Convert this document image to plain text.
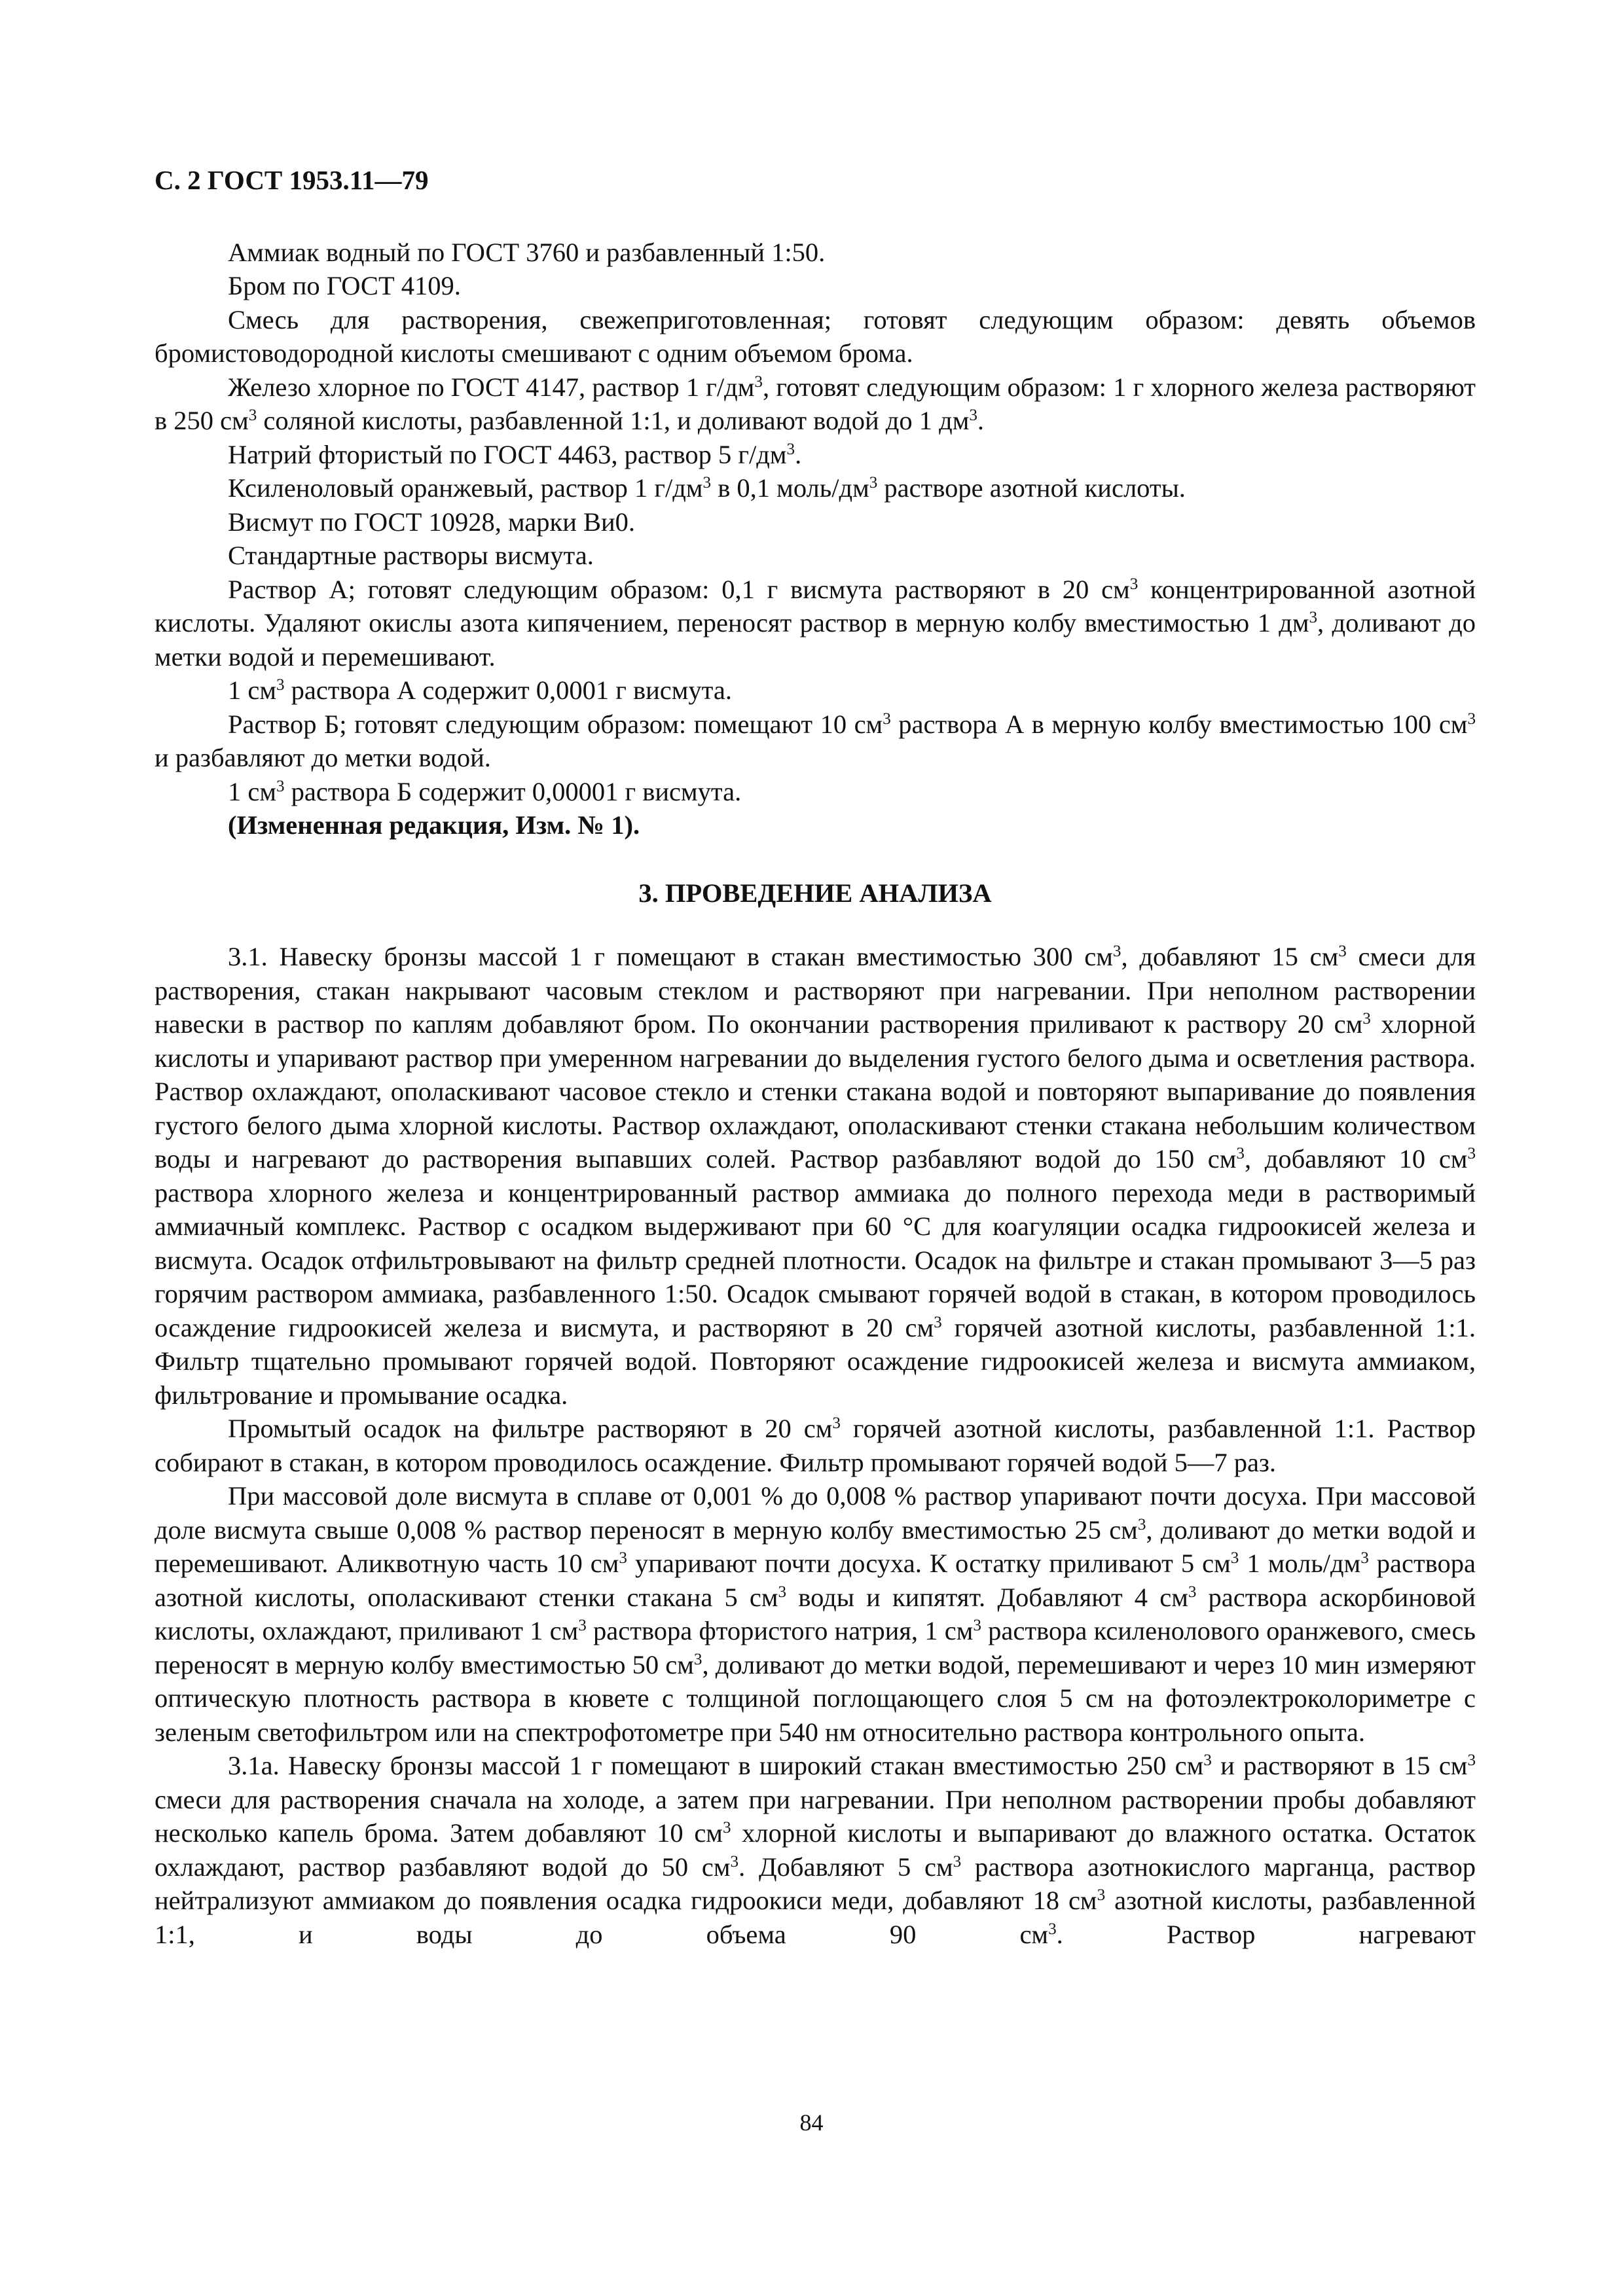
С. 2 ГОСТ 1953.11—79

Аммиак водный по ГОСТ 3760 и разбавленный 1:50.

Бром по ГОСТ 4109.

Смесь для растворения, свежеприготовленная; готовят следующим образом: девять объемов бромистоводородной кислоты смешивают с одним объемом брома.

Железо хлорное по ГОСТ 4147, раствор 1 $г/дм^3$, готовят следующим образом: 1 г хлорного железа растворяют в 250 $см^3$ соляной кислоты, разбавленной 1:1, и доливают водой до 1 $дм^3$.

Натрий фтористый по ГОСТ 4463, раствор 5 $г/дм^3$.

Ксиленоловый оранжевый, раствор 1 $г/дм^3$ в 0,1 моль/$дм^3$ растворе азотной кислоты.

Висмут по ГОСТ 10928, марки Ви0.

Стандартные растворы висмута.

Раствор А; готовят следующим образом: 0,1 г висмута растворяют в 20 $см^3$ концентрированной азотной кислоты. Удаляют окислы азота кипячением, переносят раствор в мерную колбу вместимостью 1 $дм^3$, доливают до метки водой и перемешивают.

1 $см^3$ раствора А содержит 0,0001 г висмута.

Раствор Б; готовят следующим образом: помещают 10 $см^3$ раствора А в мерную колбу вместимостью 100 $см^3$ и разбавляют до метки водой.

1 $см^3$ раствора Б содержит 0,00001 г висмута.

(Измененная редакция, Изм. № 1).

3. ПРОВЕДЕНИЕ АНАЛИЗА

3.1. Навеску бронзы массой 1 г помещают в стакан вместимостью 300 $см^3$, добавляют 15 $см^3$ смеси для растворения, стакан накрывают часовым стеклом и растворяют при нагревании. При неполном растворении навески в раствор по каплям добавляют бром. По окончании растворения приливают к раствору 20 $см^3$ хлорной кислоты и упаривают раствор при умеренном нагревании до выделения густого белого дыма и осветления раствора. Раствор охлаждают, ополаскивают часовое стекло и стенки стакана водой и повторяют выпаривание до появления густого белого дыма хлорной кислоты. Раствор охлаждают, ополаскивают стенки стакана небольшим количеством воды и нагревают до растворения выпавших солей. Раствор разбавляют водой до 150 $см^3$, добавляют 10 $см^3$ раствора хлорного железа и концентрированный раствор аммиака до полного перехода меди в растворимый аммиачный комплекс. Раствор с осадком выдерживают при 60 °С для коагуляции осадка гидроокисей железа и висмута. Осадок отфильтровывают на фильтр средней плотности. Осадок на фильтре и стакан промывают 3—5 раз горячим раствором аммиака, разбавленного 1:50. Осадок смывают горячей водой в стакан, в котором проводилось осаждение гидроокисей железа и висмута, и растворяют в 20 $см^3$ горячей азотной кислоты, разбавленной 1:1. Фильтр тщательно промывают горячей водой. Повторяют осаждение гидроокисей железа и висмута аммиаком, фильтрование и промывание осадка.

Промытый осадок на фильтре растворяют в 20 $см^3$ горячей азотной кислоты, разбавленной 1:1. Раствор собирают в стакан, в котором проводилось осаждение. Фильтр промывают горячей водой 5—7 раз.

При массовой доле висмута в сплаве от 0,001 % до 0,008 % раствор упаривают почти досуха. При массовой доле висмута свыше 0,008 % раствор переносят в мерную колбу вместимостью 25 $см^3$, доливают до метки водой и перемешивают. Аликвотную часть 10 $см^3$ упаривают почти досуха. К остатку приливают 5 $см^3$ 1 моль/$дм^3$ раствора азотной кислоты, ополаскивают стенки стакана 5 $см^3$ воды и кипятят. Добавляют 4 $см^3$ раствора аскорбиновой кислоты, охлаждают, приливают 1 $см^3$ раствора фтористого натрия, 1 $см^3$ раствора ксиленолового оранжевого, смесь переносят в мерную колбу вместимостью 50 $см^3$, доливают до метки водой, перемешивают и через 10 мин измеряют оптическую плотность раствора в кювете с толщиной поглощающего слоя 5 см на фотоэлектроколориметре с зеленым светофильтром или на спектрофотометре при 540 нм относительно раствора контрольного опыта.

3.1а. Навеску бронзы массой 1 г помещают в широкий стакан вместимостью 250 $см^3$ и растворяют в 15 $см^3$ смеси для растворения сначала на холоде, а затем при нагревании. При неполном растворении пробы добавляют несколько капель брома. Затем добавляют 10 $см^3$ хлорной кислоты и выпаривают до влажного остатка. Остаток охлаждают, раствор разбавляют водой до 50 $см^3$. Добавляют 5 $см^3$ раствора азотнокислого марганца, раствор нейтрализуют аммиаком до появления осадка гидроокиси меди, добавляют 18 $см^3$ азотной кислоты, разбавленной 1:1, и воды до объема 90 $см^3$. Раствор нагревают

84
